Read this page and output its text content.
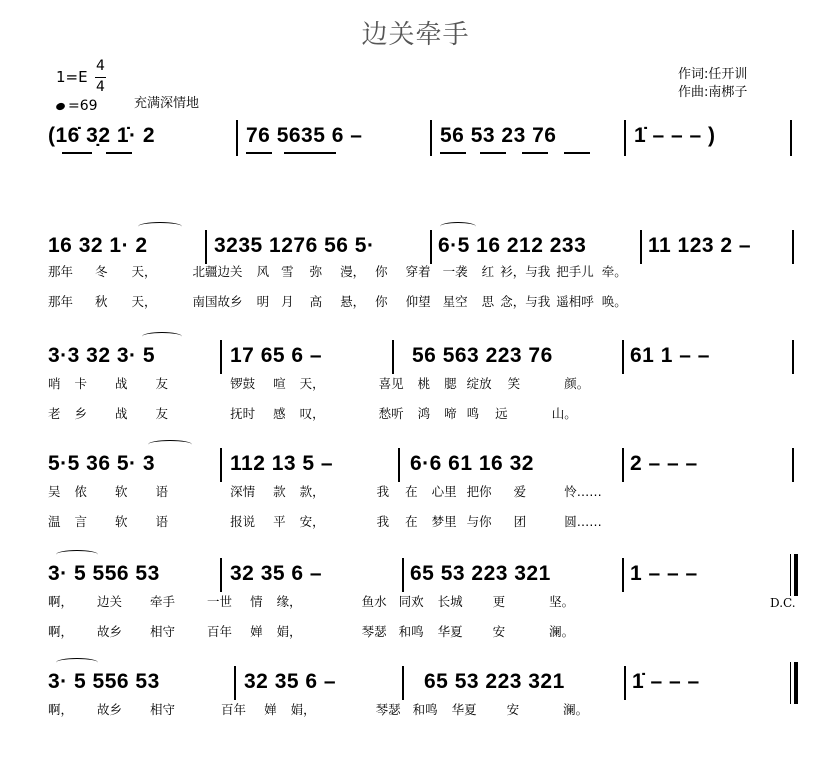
边关牵手
1=E
4
4
=69	充满深情地
作词:任开训
作曲:南梆子
(16̇ 3̣2 1̇· 2	76 5635 6 –	56 53 23 76	1̇ – – – )
16 32 1· 2	3235 1276 56 5·	6·5 16 212 233	11 123 2 –
那年 冬 天，	北疆边关 风 雪 弥 漫， 你 穿着 一袭 红 衫，与我 把手儿 牵。
那年 秋 天，	南国故乡 明 月 高 悬， 你 仰望 星空 思 念，与我 遥相呼 唤。
3·3 32 3· 5	17 65 6 –	56 563 223 76	61 1 – –
哨 卡 战 友	锣鼓 喧 天，	喜见 桃 腮 绽放 笑	颜。
老 乡 战 友	抚时 感 叹，	愁听 鸿 啼 鸣 远	山。
5·5 36 5· 3	112 13 5 –	6·6 61 16 32	2 – – –
吴 侬 软 语	深情 款 款，	我 在 心里 把你 爱	怜……
温 言 软 语	报说 平 安，	我 在 梦里 与你 团	圆……
3· 5 556 53	32 35 6 –	65 53 223 321	1 – – –
啊， 边关 牵手	一世 情 缘，	鱼水 同欢 长城 更	坚。
啊， 故乡 相守	百年 婵 娟，	琴瑟 和鸣 华夏 安	澜。
D.C.
3· 5 556 53	32 35 6 –	65 53 223 321	1̇ – – –
啊， 故乡 相守	百年 婵 娟，	琴瑟 和鸣 华夏 安	澜。
